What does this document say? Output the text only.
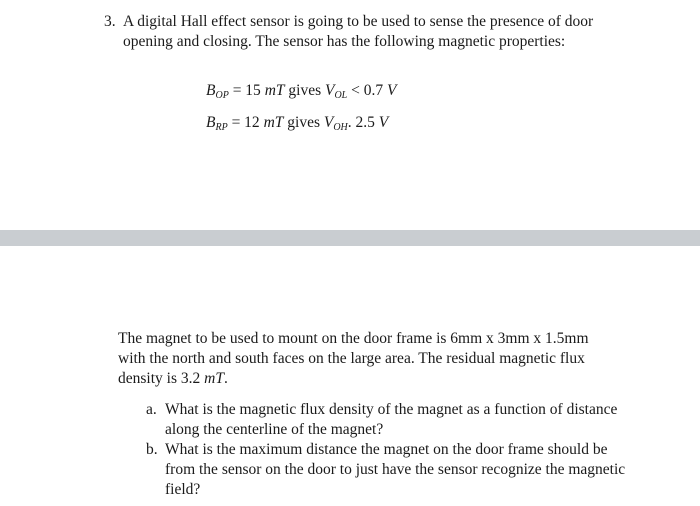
3. A digital Hall effect sensor is going to be used to sense the presence of door opening and closing. The sensor has the following magnetic properties:
$B_{OP} = 15$ mT gives $V_{OL} < 0.7$ V
$B_{RP} = 12$ mT gives $V_{OH}$. 2.5 V
The magnet to be used to mount on the door frame is 6mm x 3mm x 1.5mm with the north and south faces on the large area. The residual magnetic flux density is 3.2 mT.
a. What is the magnetic flux density of the magnet as a function of distance along the centerline of the magnet?
b. What is the maximum distance the magnet on the door frame should be from the sensor on the door to just have the sensor recognize the magnetic field?
